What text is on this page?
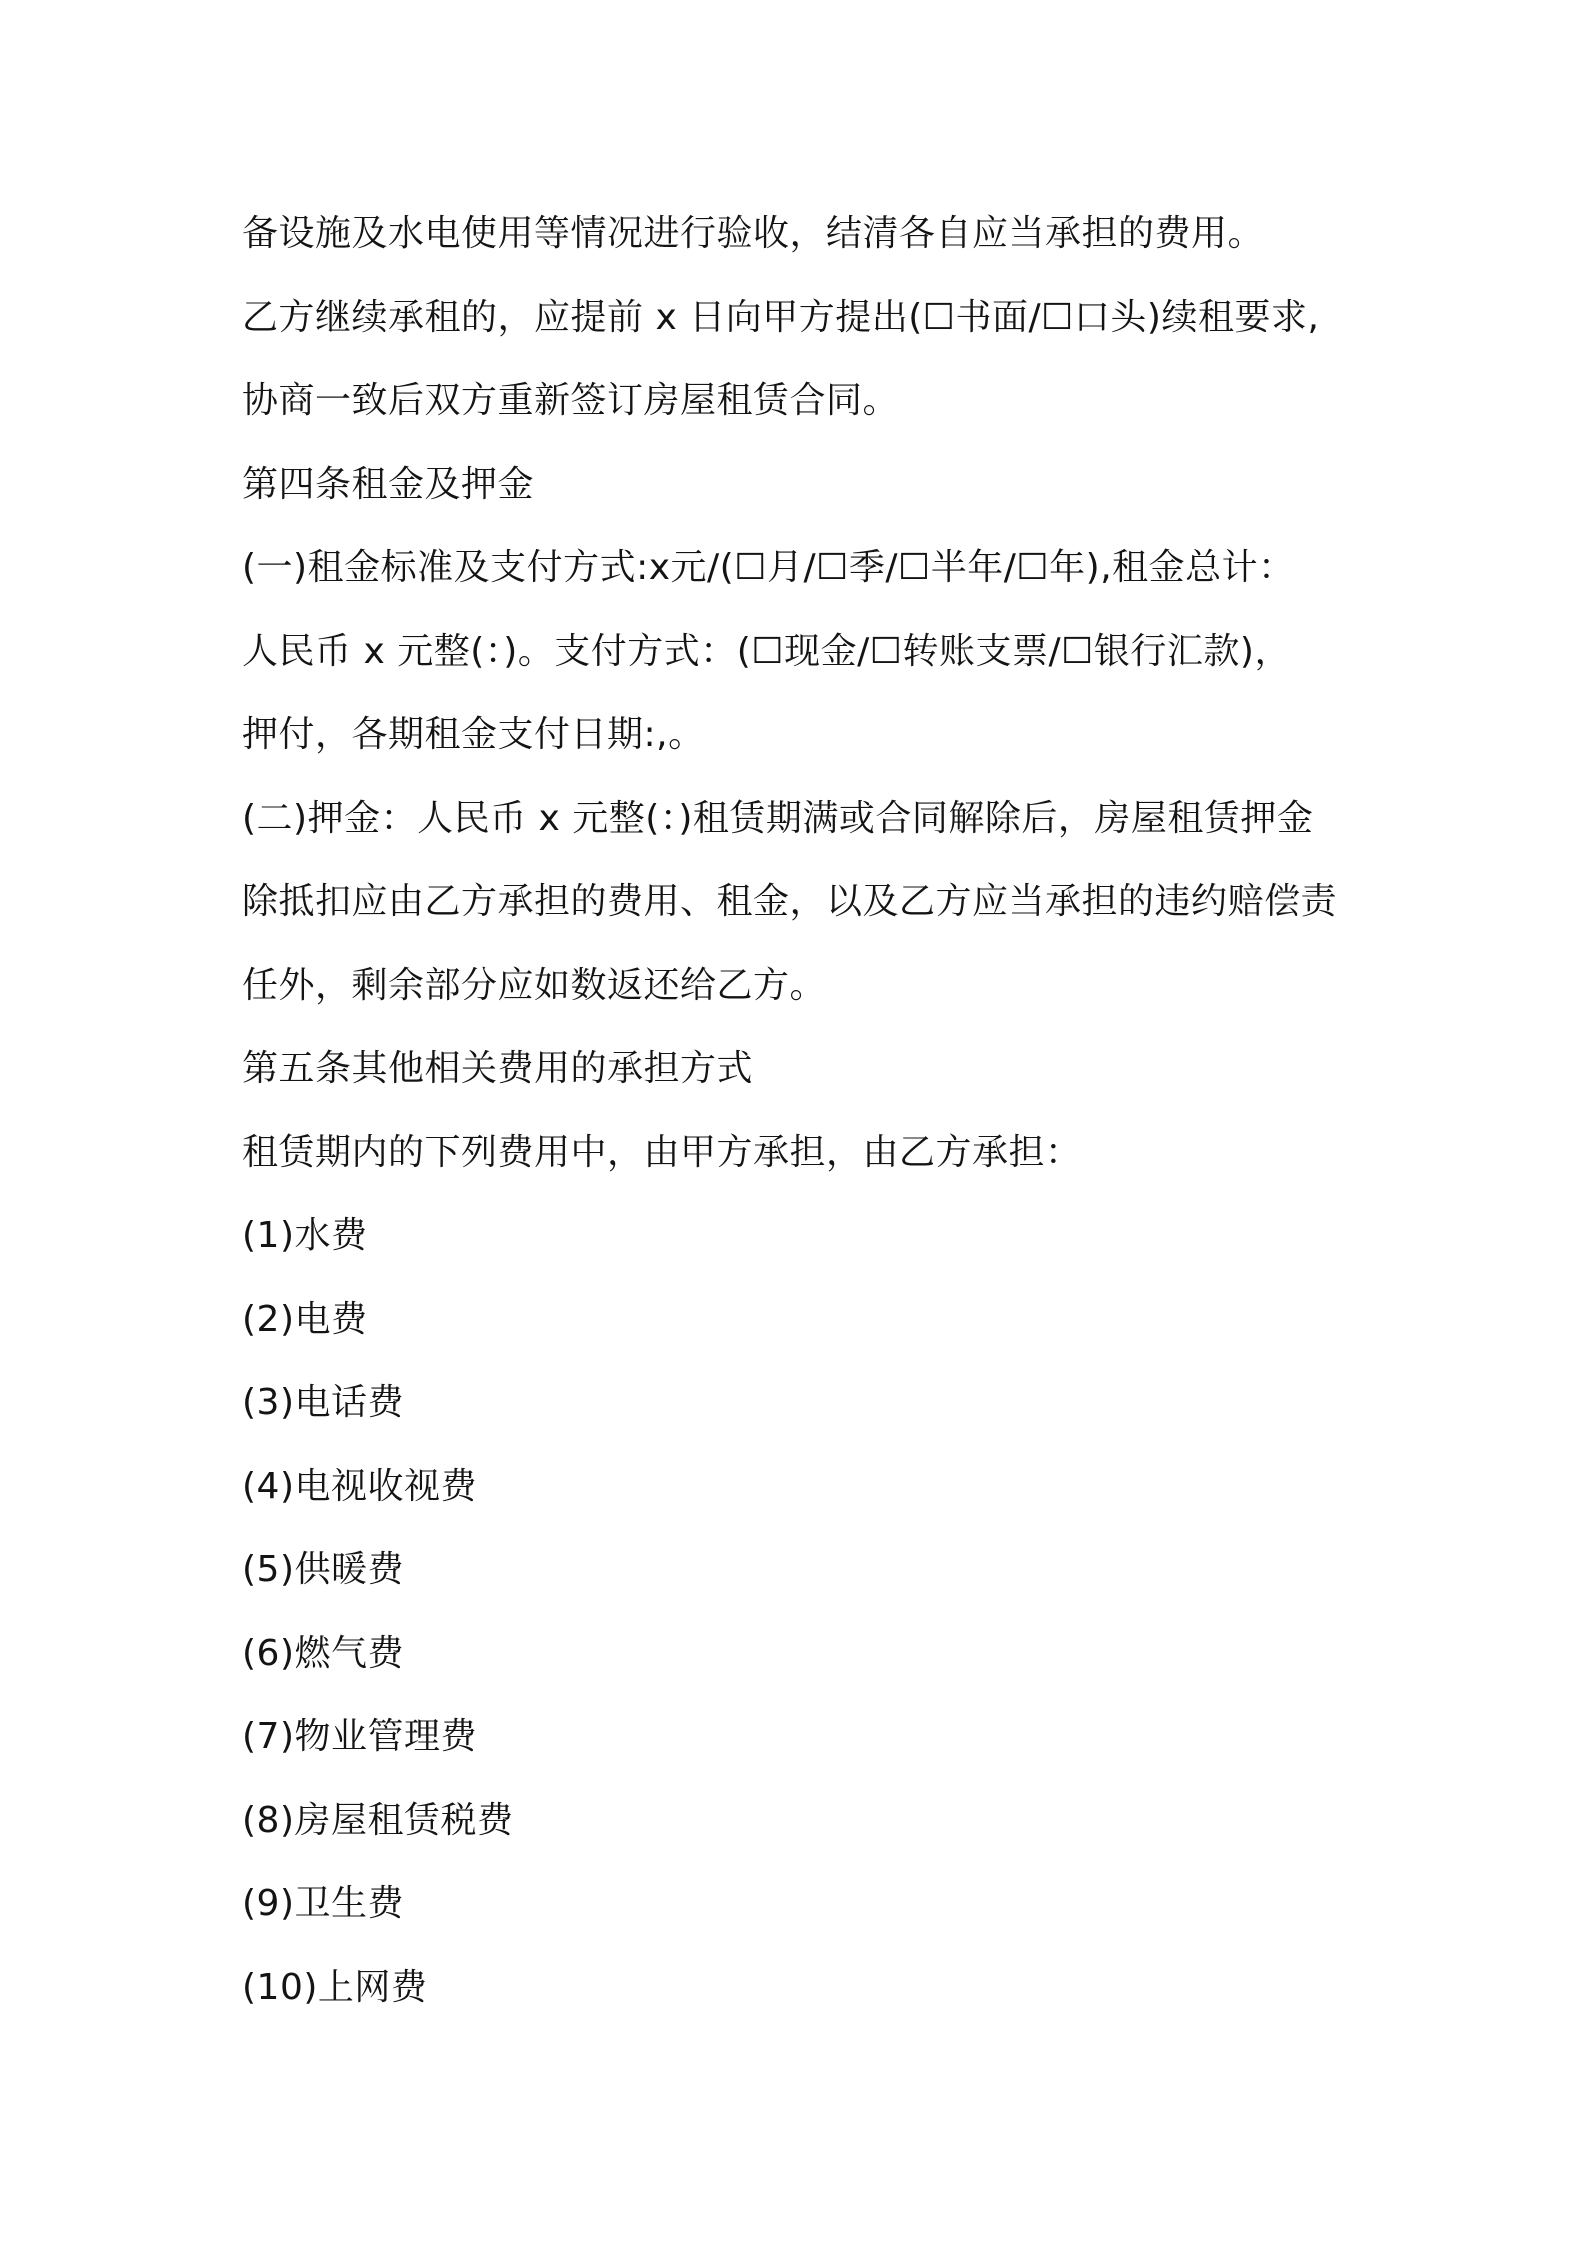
备设施及水电使用等情况进行验收，结清各自应当承担的费用。
乙方继续承租的，应提前 x 日向甲方提出(☐书面/☐口头)续租要求,
协商一致后双方重新签订房屋租赁合同。
第四条租金及押金
(一)租金标准及支付方式:x元/(☐月/☐季/☐半年/☐年),租金总计：
人民币 x 元整(：)。支付方式：(☐现金/☐转账支票/☐银行汇款)，
押付，各期租金支付日期:,。
(二)押金：人民币 x 元整(：)租赁期满或合同解除后，房屋租赁押金
除抵扣应由乙方承担的费用、租金，以及乙方应当承担的违约赔偿责
任外，剩余部分应如数返还给乙方。
第五条其他相关费用的承担方式
租赁期内的下列费用中，由甲方承担，由乙方承担：
(1)水费
(2)电费
(3)电话费
(4)电视收视费
(5)供暖费
(6)燃气费
(7)物业管理费
(8)房屋租赁税费
(9)卫生费
(10)上网费
